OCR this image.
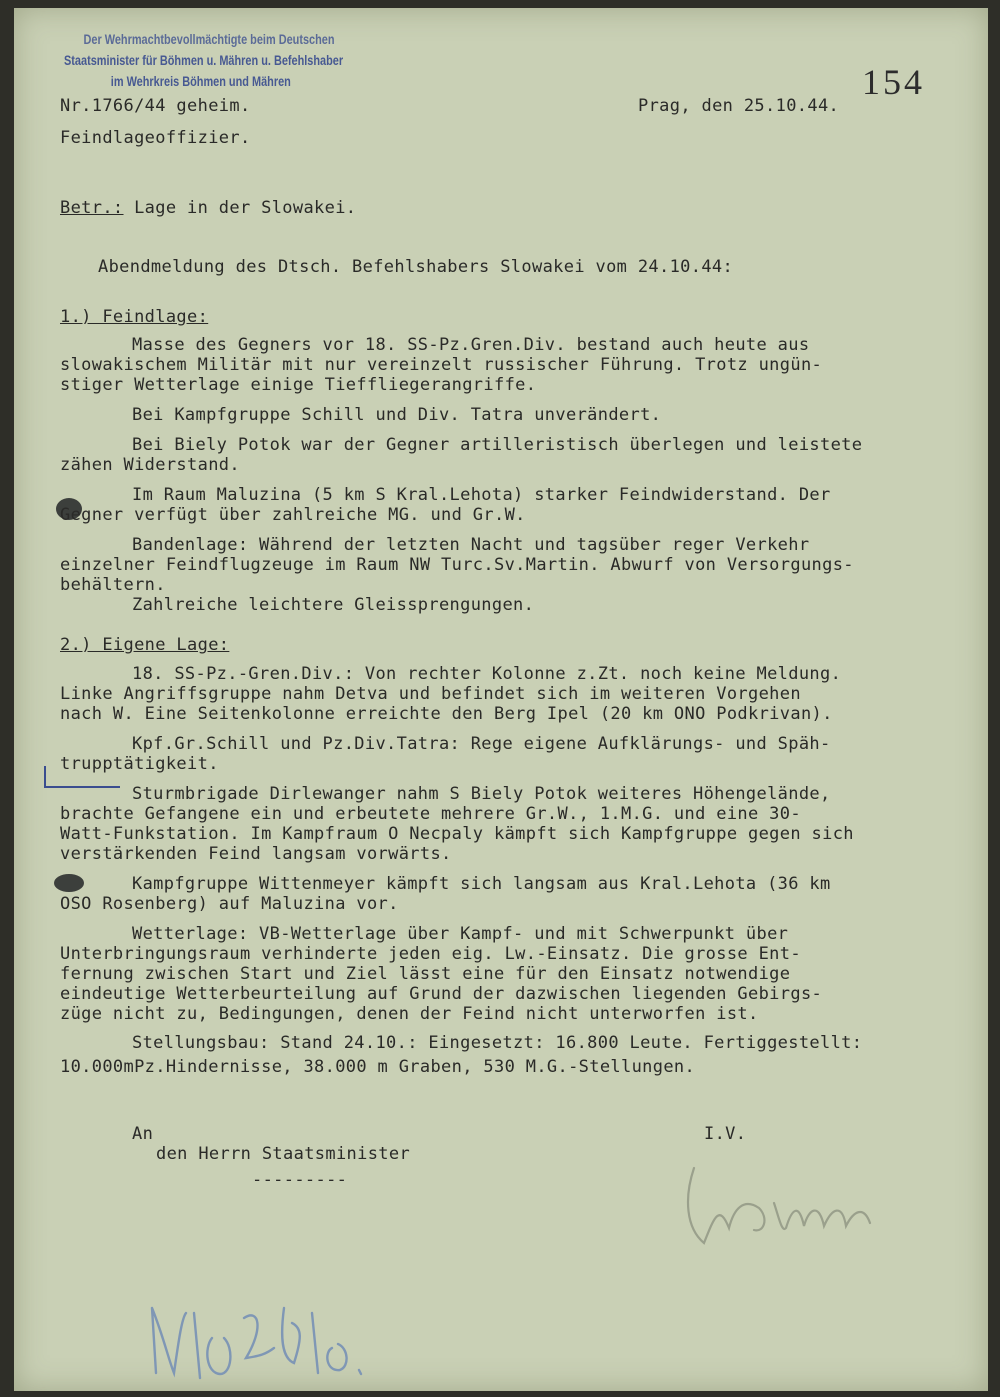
Der Wehrmachtbevollmächtigte beim Deutschen
Staatsminister für Böhmen u. Mähren u. Befehlshaber
im Wehrkreis Böhmen und Mähren	154
Nr.1766/44 geheim.	Prag, den 25.10.44.
Feindlageoffizier.
Betr.: Lage in der Slowakei.
Abendmeldung des Dtsch. Befehlshabers Slowakei vom 24.10.44:
1.) Feindlage:
Masse des Gegners vor 18. SS-Pz.Gren.Div. bestand auch heute aus
slowakischem Militär mit nur vereinzelt russischer Führung. Trotz ungün-
stiger Wetterlage einige Tieffliegerangriffe.
Bei Kampfgruppe Schill und Div. Tatra unverändert.
Bei Biely Potok war der Gegner artilleristisch überlegen und leistete
zähen Widerstand.
Im Raum Maluzina (5 km S Kral.Lehota) starker Feindwiderstand. Der
Gegner verfügt über zahlreiche MG. und Gr.W.
Bandenlage: Während der letzten Nacht und tagsüber reger Verkehr
einzelner Feindflugzeuge im Raum NW Turc.Sv.Martin. Abwurf von Versorgungs-
behältern.
Zahlreiche leichtere Gleissprengungen.
2.) Eigene Lage:
18. SS-Pz.-Gren.Div.: Von rechter Kolonne z.Zt. noch keine Meldung.
Linke Angriffsgruppe nahm Detva und befindet sich im weiteren Vorgehen
nach W. Eine Seitenkolonne erreichte den Berg Ipel (20 km ONO Podkrivan).
Kpf.Gr.Schill und Pz.Div.Tatra: Rege eigene Aufklärungs- und Späh-
trupptätigkeit.
Sturmbrigade Dirlewanger nahm S Biely Potok weiteres Höhengelände,
brachte Gefangene ein und erbeutete mehrere Gr.W., 1.M.G. und eine 30-
Watt-Funkstation. Im Kampfraum O Necpaly kämpft sich Kampfgruppe gegen sich
verstärkenden Feind langsam vorwärts.
Kampfgruppe Wittenmeyer kämpft sich langsam aus Kral.Lehota (36 km
OSO Rosenberg) auf Maluzina vor.
Wetterlage: VB-Wetterlage über Kampf- und mit Schwerpunkt über
Unterbringungsraum verhinderte jeden eig. Lw.-Einsatz. Die grosse Ent-
fernung zwischen Start und Ziel lässt eine für den Einsatz notwendige
eindeutige Wetterbeurteilung auf Grund der dazwischen liegenden Gebirgs-
züge nicht zu, Bedingungen, denen der Feind nicht unterworfen ist.
Stellungsbau: Stand 24.10.: Eingesetzt: 16.800 Leute. Fertiggestellt:
10.000mPz.Hindernisse, 38.000 m Graben, 530 M.G.-Stellungen.
An
den Herrn Staatsminister
---------
I.V.
